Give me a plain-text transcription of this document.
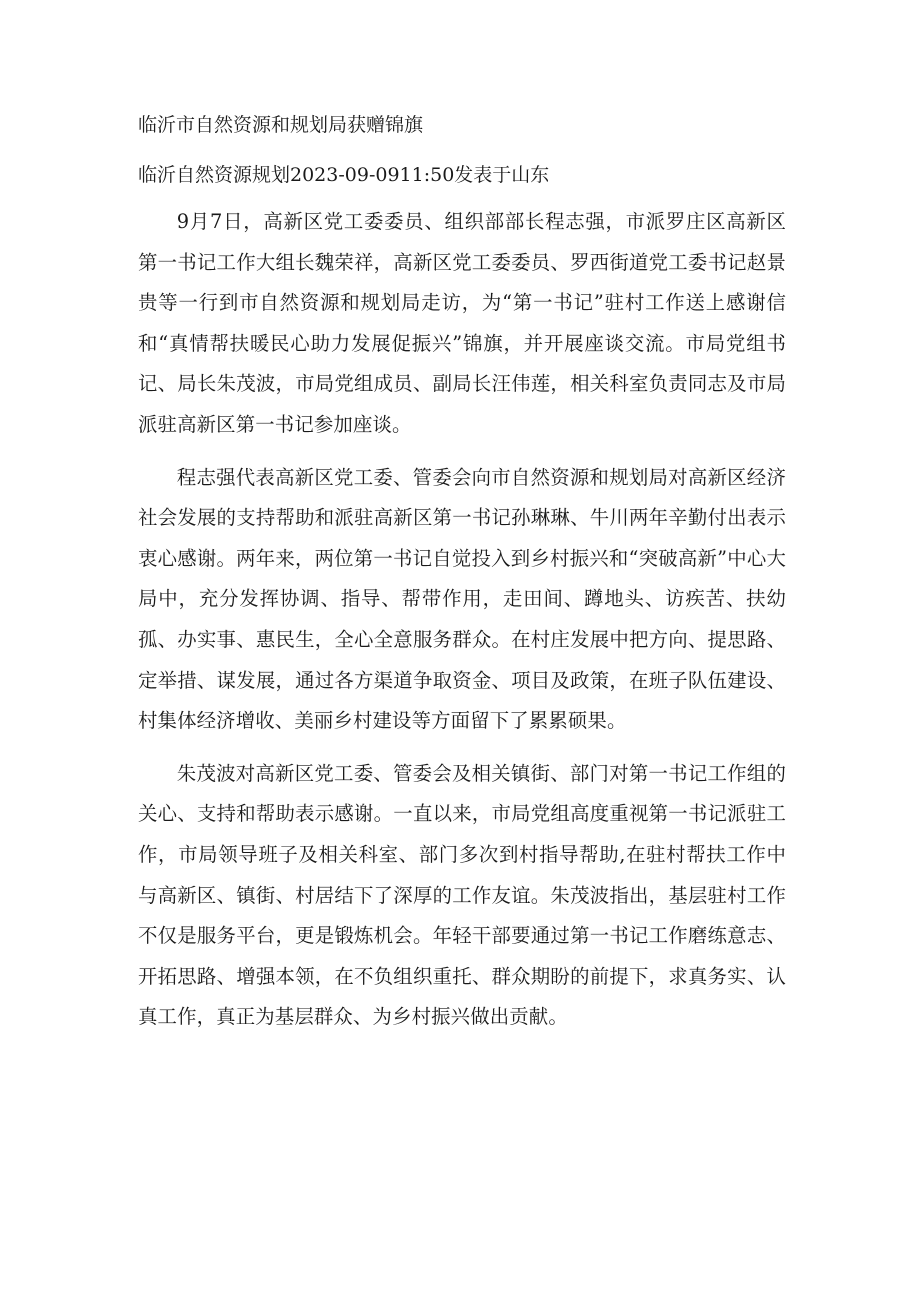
临沂市自然资源和规划局获赠锦旗
临沂自然资源规划2023-09-0911:50发表于山东

9月7日，高新区党工委委员、组织部部长程志强，市派罗庄区高新区第一书记工作大组长魏荣祥，高新区党工委委员、罗西街道党工委书记赵景贵等一行到市自然资源和规划局走访，为“第一书记”驻村工作送上感谢信和“真情帮扶暖民心助力发展促振兴”锦旗，并开展座谈交流。市局党组书记、局长朱茂波，市局党组成员、副局长汪伟莲，相关科室负责同志及市局派驻高新区第一书记参加座谈。

程志强代表高新区党工委、管委会向市自然资源和规划局对高新区经济社会发展的支持帮助和派驻高新区第一书记孙琳琳、牛川两年辛勤付出表示衷心感谢。两年来，两位第一书记自觉投入到乡村振兴和“突破高新”中心大局中，充分发挥协调、指导、帮带作用，走田间、蹲地头、访疾苦、扶幼孤、办实事、惠民生，全心全意服务群众。在村庄发展中把方向、提思路、定举措、谋发展，通过各方渠道争取资金、项目及政策，在班子队伍建设、村集体经济增收、美丽乡村建设等方面留下了累累硕果。

朱茂波对高新区党工委、管委会及相关镇街、部门对第一书记工作组的关心、支持和帮助表示感谢。一直以来，市局党组高度重视第一书记派驻工作，市局领导班子及相关科室、部门多次到村指导帮助,在驻村帮扶工作中与高新区、镇街、村居结下了深厚的工作友谊。朱茂波指出，基层驻村工作不仅是服务平台，更是锻炼机会。年轻干部要通过第一书记工作磨练意志、开拓思路、增强本领，在不负组织重托、群众期盼的前提下，求真务实、认真工作，真正为基层群众、为乡村振兴做出贡献。
